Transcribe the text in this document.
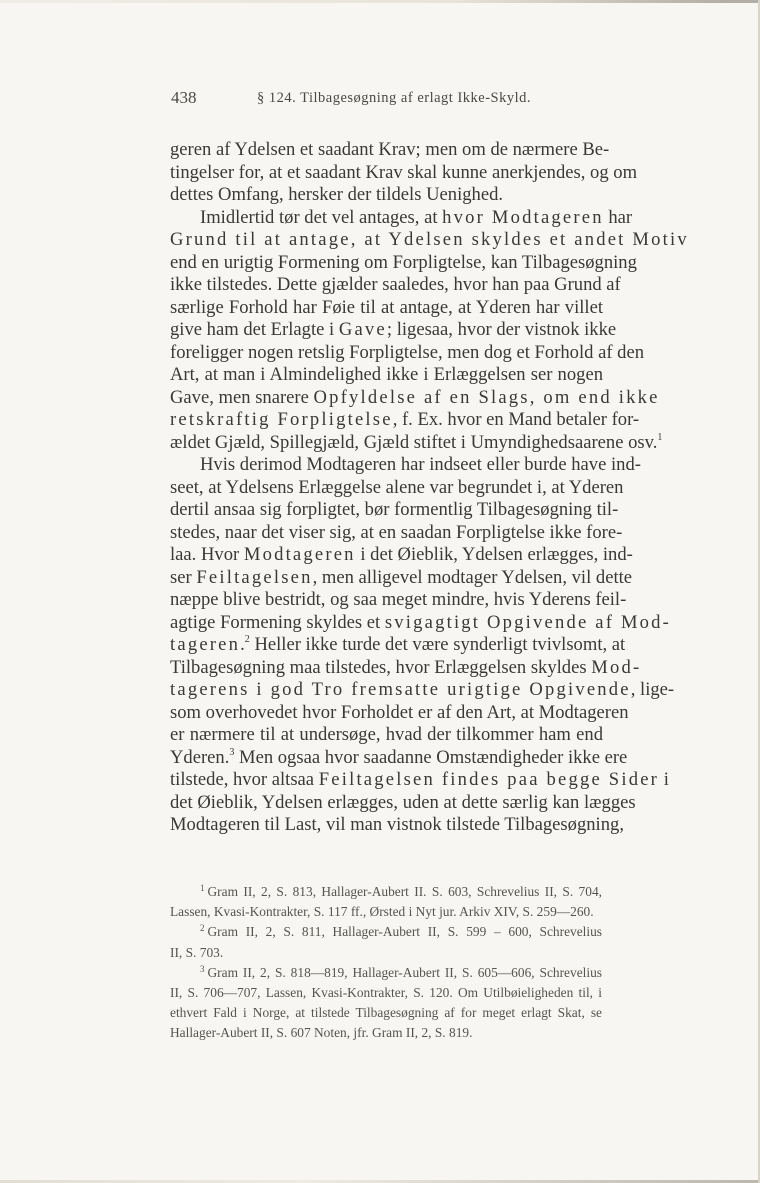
438	§ 124. Tilbagesøgning af erlagt Ikke-Skyld.
geren af Ydelsen et saadant Krav; men om de nærmere Be-
tingelser for, at et saadant Krav skal kunne anerkjendes, og om
dettes Omfang, hersker der tildels Uenighed.
Imidlertid tør det vel antages, at hvor Modtageren har
Grund til at antage, at Ydelsen skyldes et andet Motiv
end en urigtig Formening om Forpligtelse, kan Tilbagesøgning
ikke tilstedes. Dette gjælder saaledes, hvor han paa Grund af
særlige Forhold har Føie til at antage, at Yderen har villet
give ham det Erlagte i Gave; ligesaa, hvor der vistnok ikke
foreligger nogen retslig Forpligtelse, men dog et Forhold af den
Art, at man i Almindelighed ikke i Erlæggelsen ser nogen
Gave, men snarere Opfyldelse af en Slags, om end ikke
retskraftig Forpligtelse, f. Ex. hvor en Mand betaler for-
ældet Gjæld, Spillegjæld, Gjæld stiftet i Umyndighedsaarene osv.$^1$
Hvis derimod Modtageren har indseet eller burde have ind-
seet, at Ydelsens Erlæggelse alene var begrundet i, at Yderen
dertil ansaa sig forpligtet, bør formentlig Tilbagesøgning til-
stedes, naar det viser sig, at en saadan Forpligtelse ikke fore-
laa. Hvor Modtageren i det Øieblik, Ydelsen erlægges, ind-
ser Feiltagelsen, men alligevel modtager Ydelsen, vil dette
næppe blive bestridt, og saa meget mindre, hvis Yderens feil-
agtige Formening skyldes et svigagtigt Opgivende af Mod-
tageren.$^2$ Heller ikke turde det være synderligt tvivlsomt, at
Tilbagesøgning maa tilstedes, hvor Erlæggelsen skyldes Mod-
tagerens i god Tro fremsatte urigtige Opgivende, lige-
som overhovedet hvor Forholdet er af den Art, at Modtageren
er nærmere til at undersøge, hvad der tilkommer ham end
Yderen.$^3$ Men ogsaa hvor saadanne Omstændigheder ikke ere
tilstede, hvor altsaa Feiltagelsen findes paa begge Sider i
det Øieblik, Ydelsen erlægges, uden at dette særlig kan lægges
Modtageren til Last, vil man vistnok tilstede Tilbagesøgning,
$^1$ Gram II, 2, S. 813, Hallager-Aubert II. S. 603, Schrevelius II, S. 704,
Lassen, Kvasi-Kontrakter, S. 117 ff., Ørsted i Nyt jur. Arkiv XIV, S. 259—260.
$^2$ Gram II, 2, S. 811, Hallager-Aubert II, S. 599 – 600, Schrevelius
II, S. 703.
$^3$ Gram II, 2, S. 818—819, Hallager-Aubert II, S. 605—606, Schrevelius
II, S. 706—707, Lassen, Kvasi-Kontrakter, S. 120. Om Utilbøieligheden til, i
ethvert Fald i Norge, at tilstede Tilbagesøgning af for meget erlagt Skat, se
Hallager-Aubert II, S. 607 Noten, jfr. Gram II, 2, S. 819.
